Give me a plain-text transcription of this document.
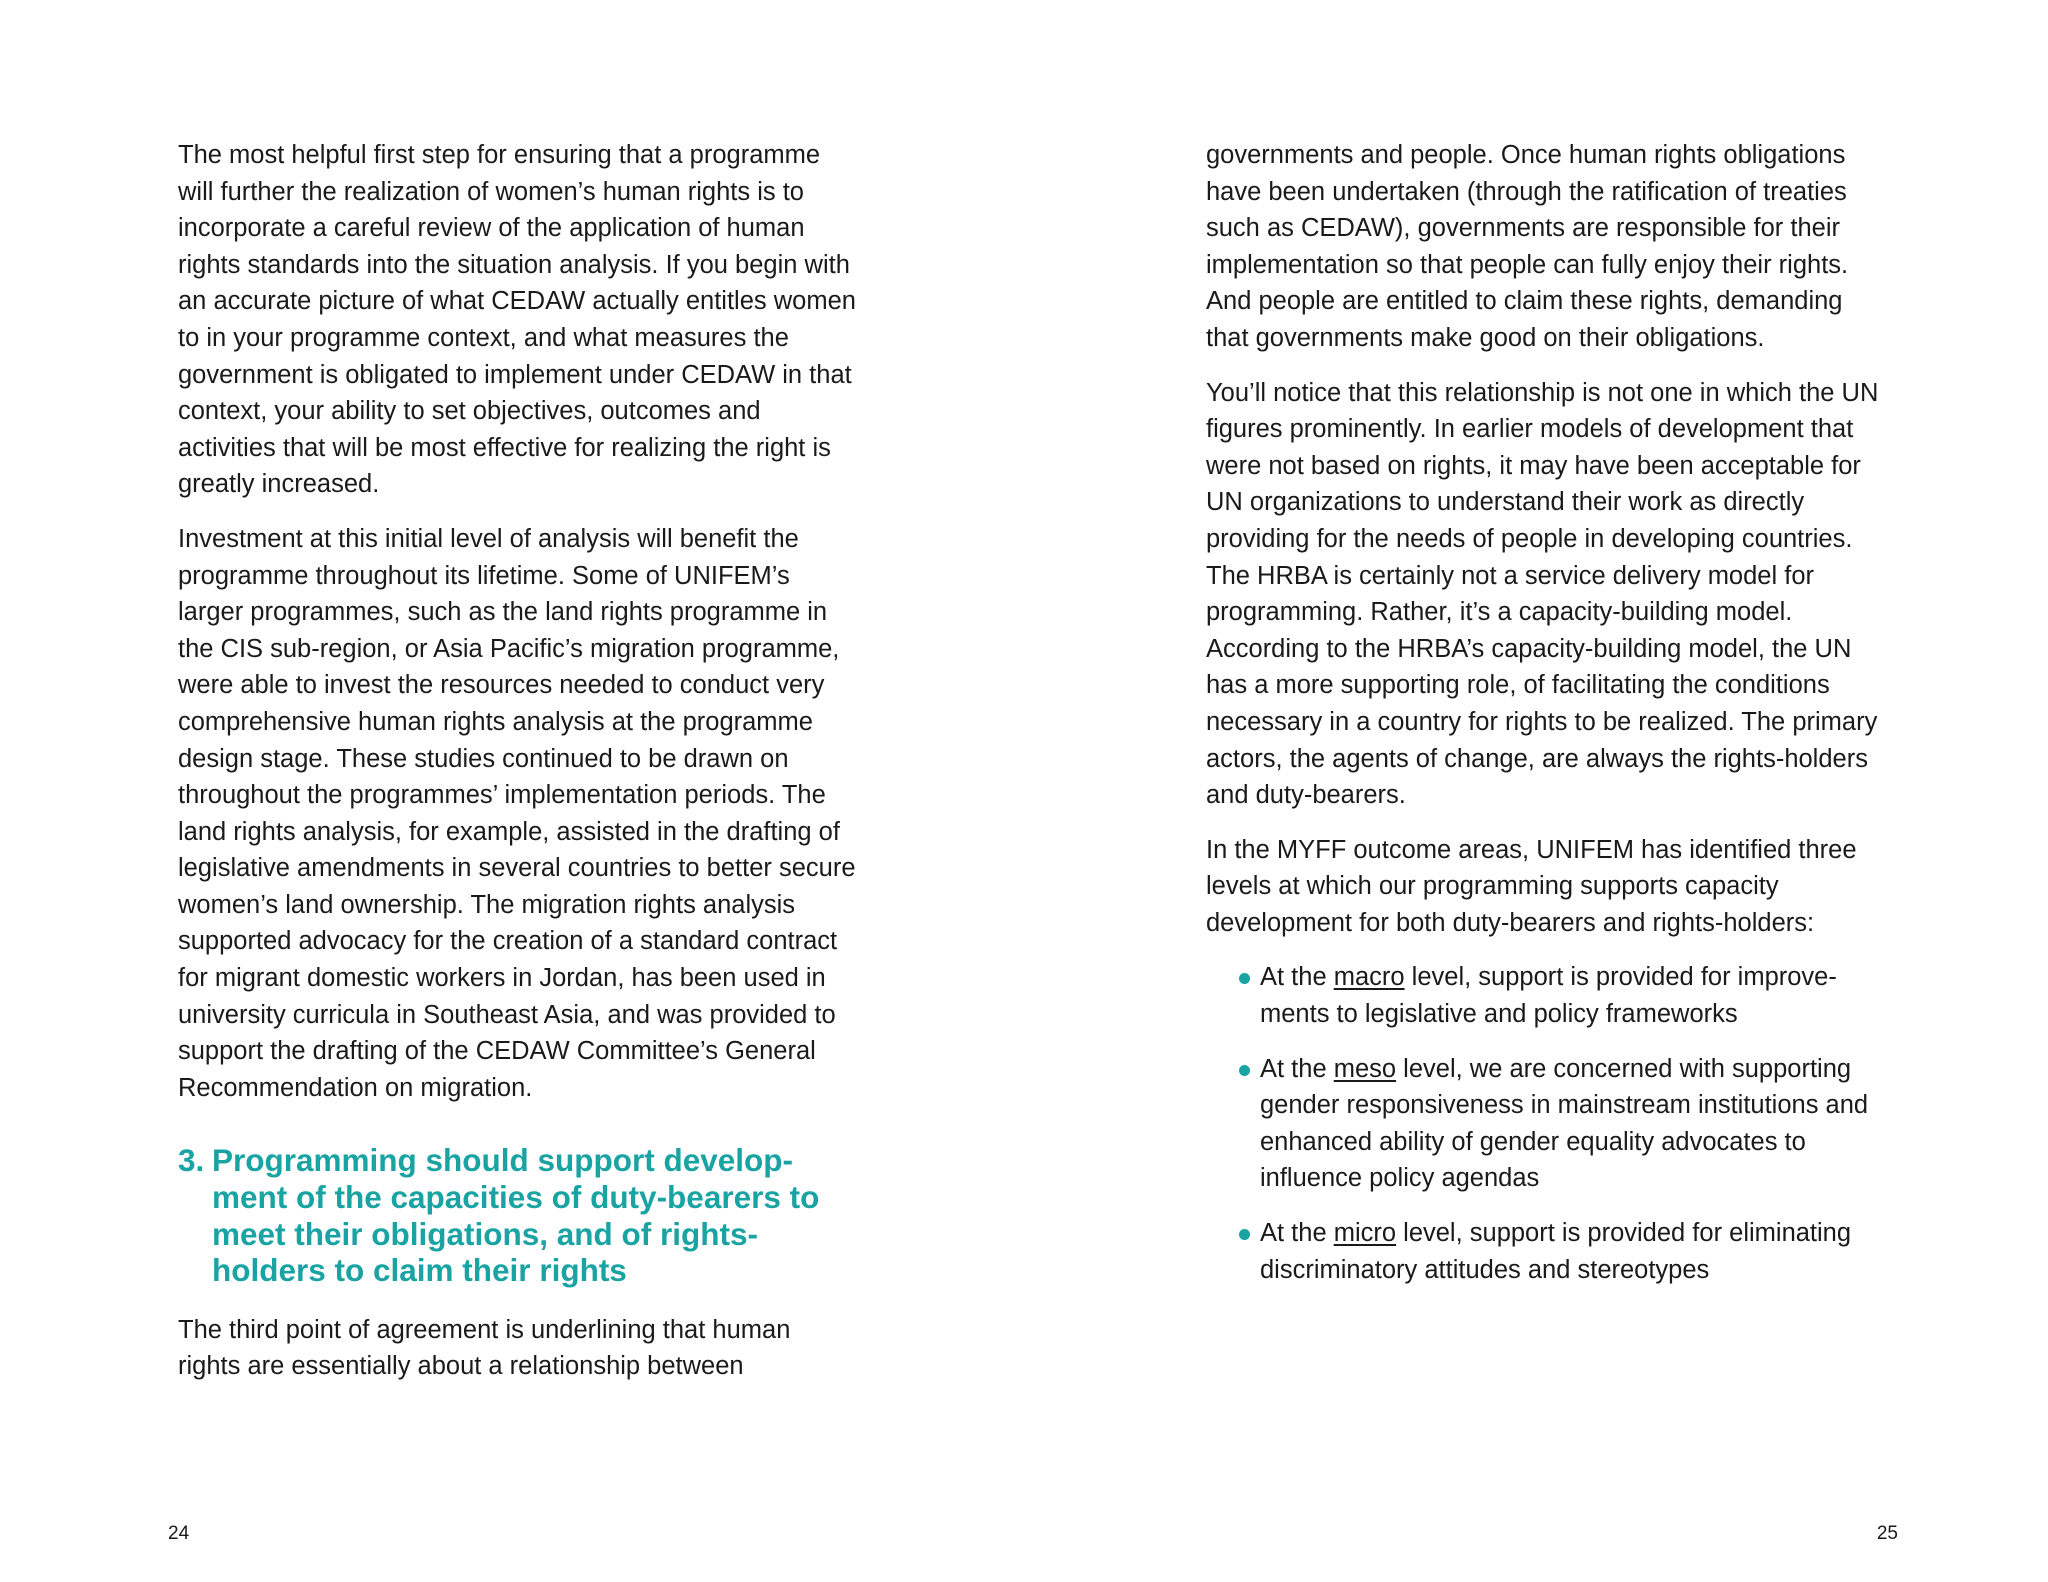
The most helpful first step for ensuring that a programme will further the realization of women’s human rights is to incorporate a careful review of the application of human rights standards into the situation analysis. If you begin with an accurate picture of what CEDAW actually entitles women to in your programme context, and what measures the government is obligated to implement under CEDAW in that context, your ability to set objectives, outcomes and activities that will be most effective for realizing the right is greatly increased.

Investment at this initial level of analysis will benefit the programme throughout its lifetime. Some of UNIFEM’s larger programmes, such as the land rights programme in the CIS sub-region, or Asia Pacific’s migration programme, were able to invest the resources needed to conduct very comprehensive human rights analysis at the programme design stage. These studies continued to be drawn on throughout the programmes’ implementation periods. The land rights analysis, for example, assisted in the drafting of legislative amendments in several countries to better secure women’s land ownership. The migration rights analysis supported advocacy for the creation of a standard contract for migrant domestic workers in Jordan, has been used in university curricula in Southeast Asia, and was provided to support the drafting of the CEDAW Committee’s General Recommendation on migration.

3. Programming should support development of the capacities of duty-bearers to meet their obligations, and of rights-holders to claim their rights

The third point of agreement is underlining that human rights are essentially about a relationship between

24

governments and people. Once human rights obligations have been undertaken (through the ratification of treaties such as CEDAW), governments are responsible for their implementation so that people can fully enjoy their rights. And people are entitled to claim these rights, demanding that governments make good on their obligations.

You’ll notice that this relationship is not one in which the UN figures prominently. In earlier models of development that were not based on rights, it may have been acceptable for UN organizations to understand their work as directly providing for the needs of people in developing countries. The HRBA is certainly not a service delivery model for programming. Rather, it’s a capacity-building model. According to the HRBA’s capacity-building model, the UN has a more supporting role, of facilitating the conditions necessary in a country for rights to be realized. The primary actors, the agents of change, are always the rights-holders and duty-bearers.

In the MYFF outcome areas, UNIFEM has identified three levels at which our programming supports capacity development for both duty-bearers and rights-holders:

At the macro level, support is provided for improvements to legislative and policy frameworks
At the meso level, we are concerned with supporting gender responsiveness in mainstream institutions and enhanced ability of gender equality advocates to influence policy agendas
At the micro level, support is provided for eliminating discriminatory attitudes and stereotypes
25
